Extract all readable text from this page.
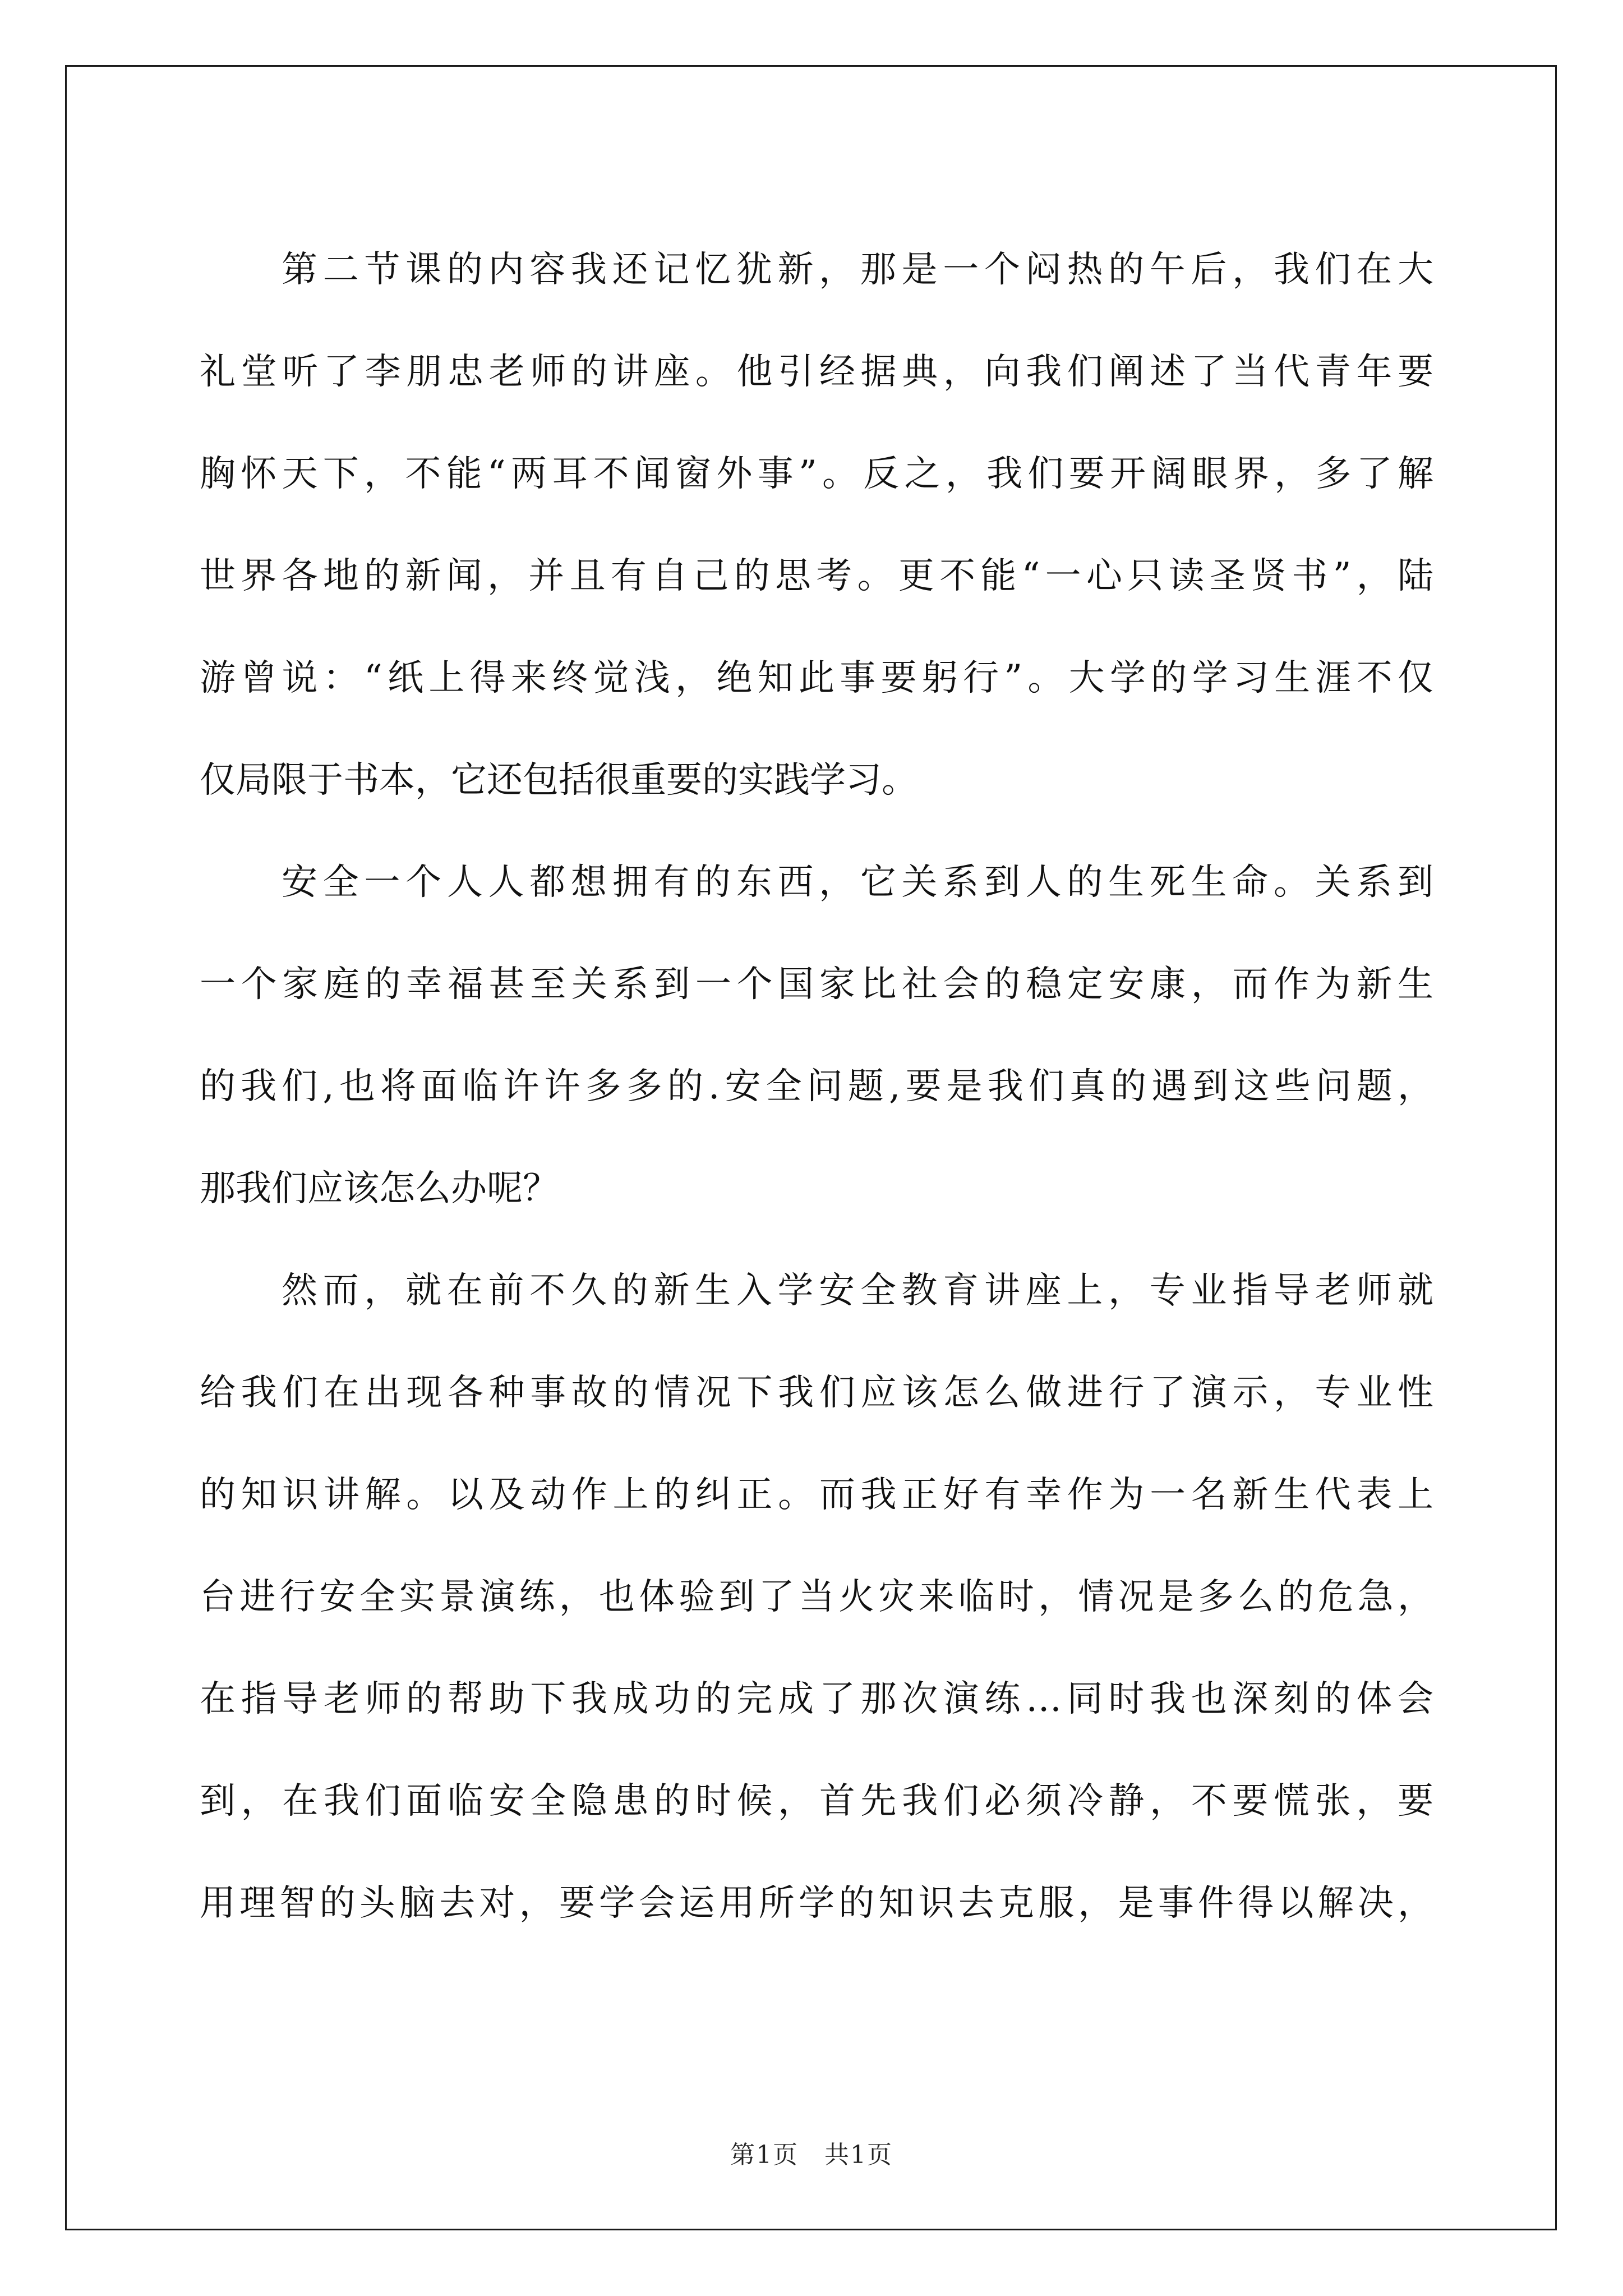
第二节课的内容我还记忆犹新，那是一个闷热的午后，我们在大
礼堂听了李朋忠老师的讲座。他引经据典，向我们阐述了当代青年要
胸怀天下，不能“两耳不闻窗外事”。反之，我们要开阔眼界，多了解
世界各地的新闻，并且有自己的思考。更不能“一心只读圣贤书”，陆
游曾说：“纸上得来终觉浅，绝知此事要躬行”。大学的学习生涯不仅
仅局限于书本，它还包括很重要的实践学习。

安全一个人人都想拥有的东西，它关系到人的生死生命。关系到
一个家庭的幸福甚至关系到一个国家比社会的稳定安康，而作为新生
的我们,也将面临许许多多的.安全问题,要是我们真的遇到这些问题，
那我们应该怎么办呢？

然而，就在前不久的新生入学安全教育讲座上，专业指导老师就
给我们在出现各种事故的情况下我们应该怎么做进行了演示，专业性
的知识讲解。以及动作上的纠正。而我正好有幸作为一名新生代表上
台进行安全实景演练，也体验到了当火灾来临时，情况是多么的危急，
在指导老师的帮助下我成功的完成了那次演练…同时我也深刻的体会
到，在我们面临安全隐患的时候，首先我们必须冷静，不要慌张，要
用理智的头脑去对，要学会运用所学的知识去克服，是事件得以解决，

第1页　共1页
